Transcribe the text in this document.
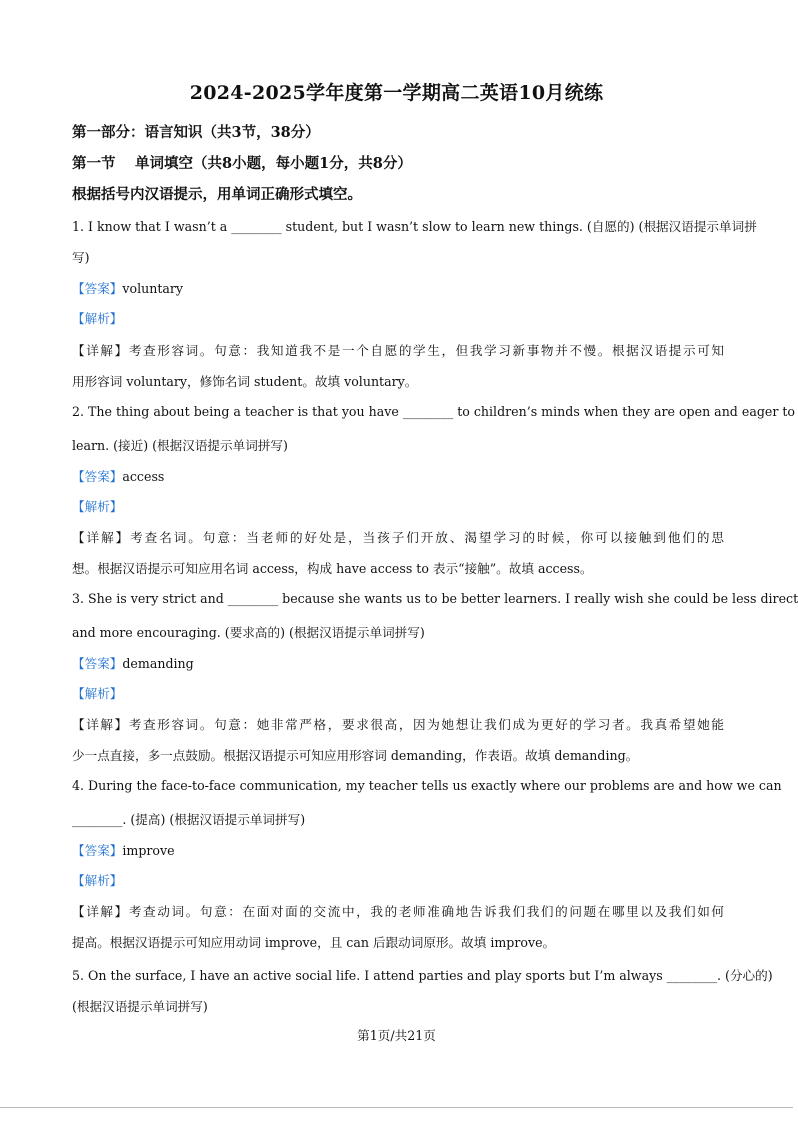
2024-2025学年度第一学期高二英语10月统练
第一部分：语言知识（共3节，38分）
第一节　 单词填空（共8小题，每小题1分，共8分）
根据括号内汉语提示，用单词正确形式填空。
1. I know that I wasn’t a ________ student, but I wasn’t slow to learn new things. (自愿的) (根据汉语提示单词拼
写)
【答案】voluntary
【解析】
【详解】考查形容词。句意：我知道我不是一个自愿的学生，但我学习新事物并不慢。根据汉语提示可知
用形容词 voluntary，修饰名词 student。故填 voluntary。
2. The thing about being a teacher is that you have ________ to children’s minds when they are open and eager to
learn. (接近) (根据汉语提示单词拼写)
【答案】access
【解析】
【详解】考查名词。句意：当老师的好处是，当孩子们开放、渴望学习的时候，你可以接触到他们的思
想。根据汉语提示可知应用名词 access，构成 have access to 表示“接触”。故填 access。
3. She is very strict and ________ because she wants us to be better learners. I really wish she could be less direct
and more encouraging. (要求高的) (根据汉语提示单词拼写)
【答案】demanding
【解析】
【详解】考查形容词。句意：她非常严格，要求很高，因为她想让我们成为更好的学习者。我真希望她能
少一点直接，多一点鼓励。根据汉语提示可知应用形容词 demanding，作表语。故填 demanding。
4. During the face-to-face communication, my teacher tells us exactly where our problems are and how we can
________. (提高) (根据汉语提示单词拼写)
【答案】improve
【解析】
【详解】考查动词。句意：在面对面的交流中，我的老师准确地告诉我们我们的问题在哪里以及我们如何
提高。根据汉语提示可知应用动词 improve，且 can 后跟动词原形。故填 improve。
5. On the surface, I have an active social life. I attend parties and play sports but I’m always ________. (分心的)
(根据汉语提示单词拼写)
第1页/共21页
